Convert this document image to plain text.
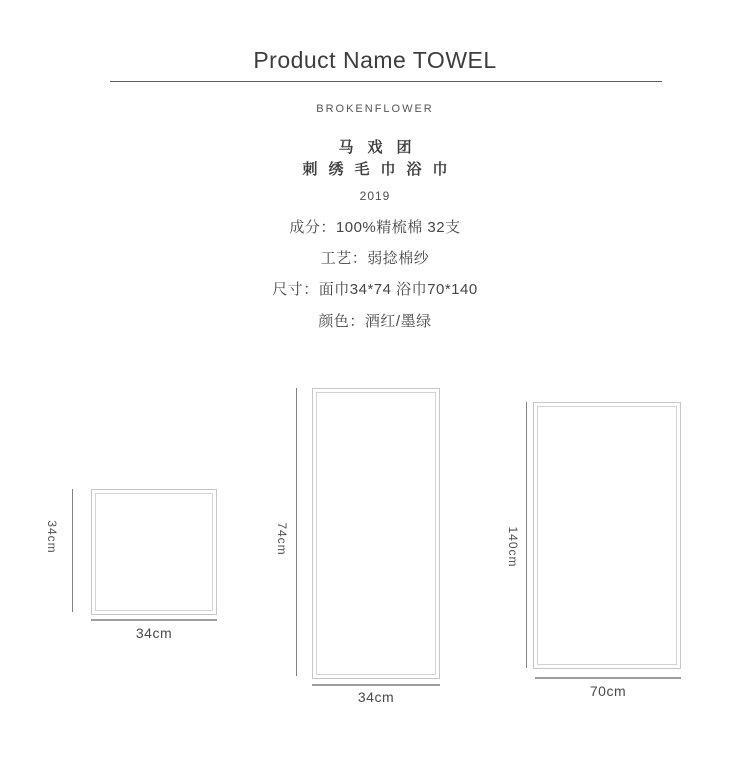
Product Name TOWEL
BROKENFLOWER
马戏团
刺绣毛巾浴巾
2019
成分：100%精梳棉 32支
工艺：弱捻棉纱
尺寸：面巾34*74 浴巾70*140
颜色：酒红/墨绿
34cm
34cm
74cm
34cm
140cm
70cm
